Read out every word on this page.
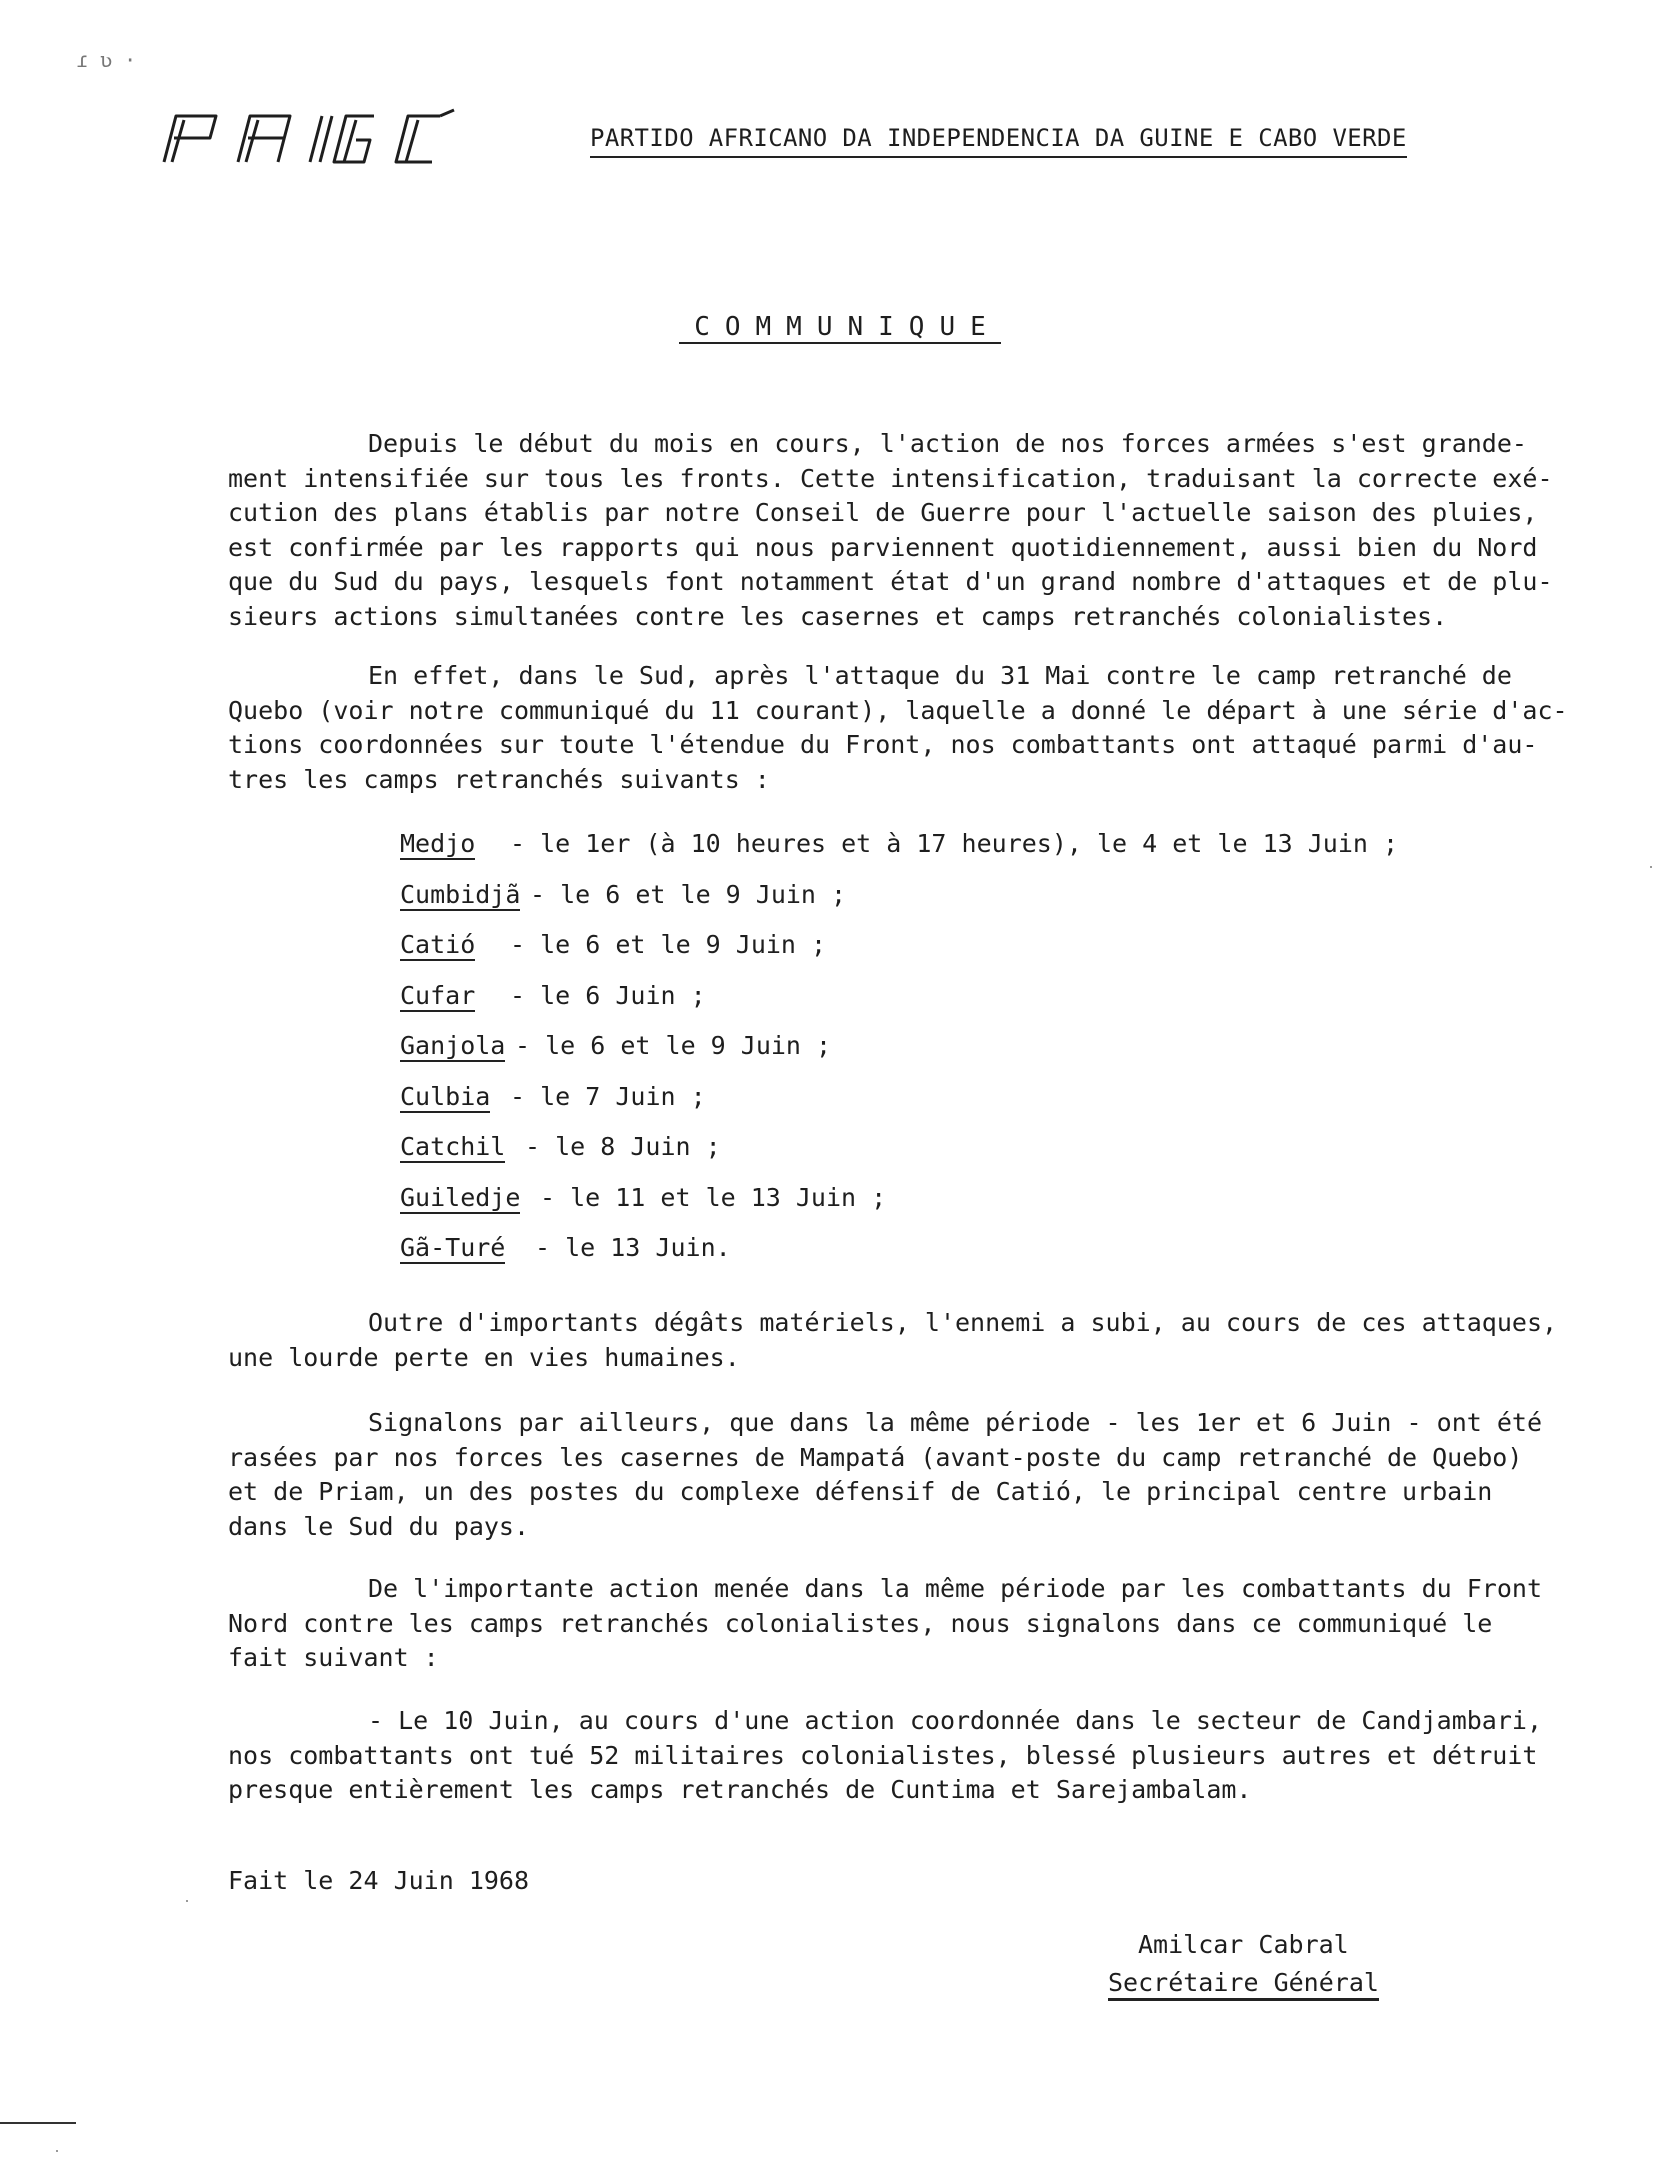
ɾ ʋ ·
PAIGC	PARTIDO AFRICANO DA INDEPENDENCIA DA GUINE E CABO VERDE
COMMUNIQUE
Depuis le début du mois en cours, l'action de nos forces armées s'est grande-
ment intensifiée sur tous les fronts. Cette intensification, traduisant la correcte exé-
cution des plans établis par notre Conseil de Guerre pour l'actuelle saison des pluies,
est confirmée par les rapports qui nous parviennent quotidiennement, aussi bien du Nord
que du Sud du pays, lesquels font notamment état d'un grand nombre d'attaques et de plu-
sieurs actions simultanées contre les casernes et camps retranchés colonialistes.
En effet, dans le Sud, après l'attaque du 31 Mai contre le camp retranché de
Quebo (voir notre communiqué du 11 courant), laquelle a donné le départ à une série d'ac-
tions coordonnées sur toute l'étendue du Front, nos combattants ont attaqué parmi d'au-
tres les camps retranchés suivants :
Medjo - le 1er (à 10 heures et à 17 heures), le 4 et le 13 Juin ;
Cumbidjã - le 6 et le 9 Juin ;
Catió - le 6 et le 9 Juin ;
Cufar - le 6 Juin ;
Ganjola - le 6 et le 9 Juin ;
Culbia - le 7 Juin ;
Catchil - le 8 Juin ;
Guiledje - le 11 et le 13 Juin ;
Gã-Turé - le 13 Juin.
Outre d'importants dégâts matériels, l'ennemi a subi, au cours de ces attaques,
une lourde perte en vies humaines.
Signalons par ailleurs, que dans la même période - les 1er et 6 Juin - ont été
rasées par nos forces les casernes de Mampatá (avant-poste du camp retranché de Quebo)
et de Priam, un des postes du complexe défensif de Catió, le principal centre urbain
dans le Sud du pays.
De l'importante action menée dans la même période par les combattants du Front
Nord contre les camps retranchés colonialistes, nous signalons dans ce communiqué le
fait suivant :
- Le 10 Juin, au cours d'une action coordonnée dans le secteur de Candjambari,
nos combattants ont tué 52 militaires colonialistes, blessé plusieurs autres et détruit
presque entièrement les camps retranchés de Cuntima et Sarejambalam.
Fait le 24 Juin 1968
Amilcar Cabral
Secrétaire Général
